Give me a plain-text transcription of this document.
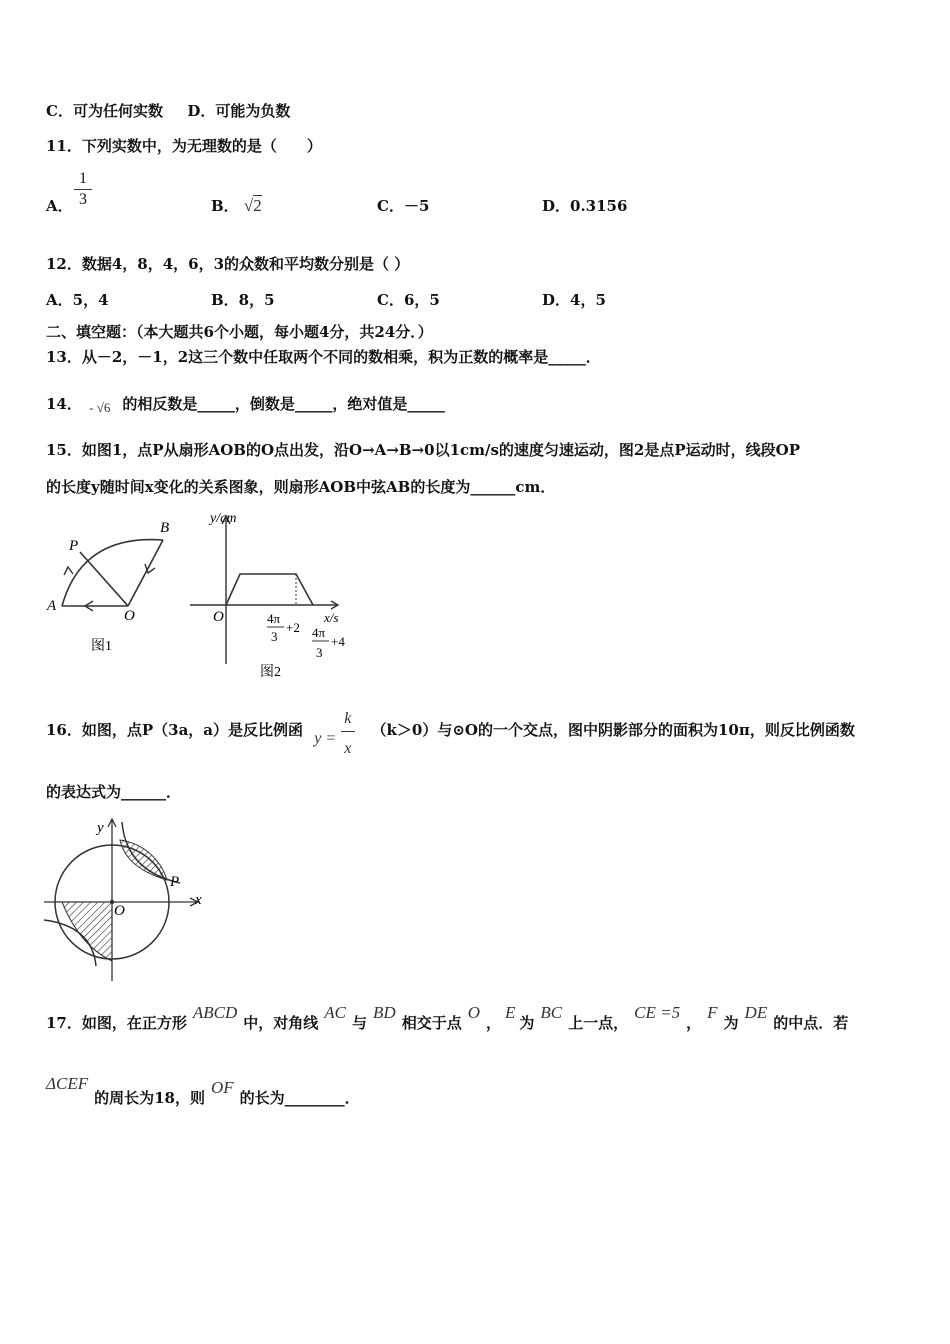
C．可为任何实数 D．可能为负数
11．下列实数中，为无理数的是（　　）
A．
1
3	B． √2	C．－5	D．0.3156
12．数据4，8，4，6，3的众数和平均数分别是（ ）
A．5，4	B．8，5	C．6，5	D．4，5
二、填空题：（本大题共6个小题，每小题4分，共24分．）
13．从－2，－1，2这三个数中任取两个不同的数相乘，积为正数的概率是_____．
14． - √6 的相反数是_____，倒数是_____，绝对值是_____
15．如图1，点P从扇形AOB的O点出发，沿O→A→B→0以1cm/s的速度匀速运动，图2是点P运动时，线段OP
的长度y随时间x变化的关系图象，则扇形AOB中弦AB的长度为______cm．
A
B
O
P
图1
y/cm
x/s
O	4π
3
+2 4π
3
+4
图2
16．如图，点P（3a，a）是反比例函 y =
k
x
（k＞0）与⊙O的一个交点，图中阴影部分的面积为10π，则反比例函数
的表达式为______．
y
x
O
P
17．如图，在正方形ABCD中，对角线AC与BD相交于点O，E为BC上一点，CE =5，F为DE的中点．若
ΔCEF的周长为18，则OF的长为________．
